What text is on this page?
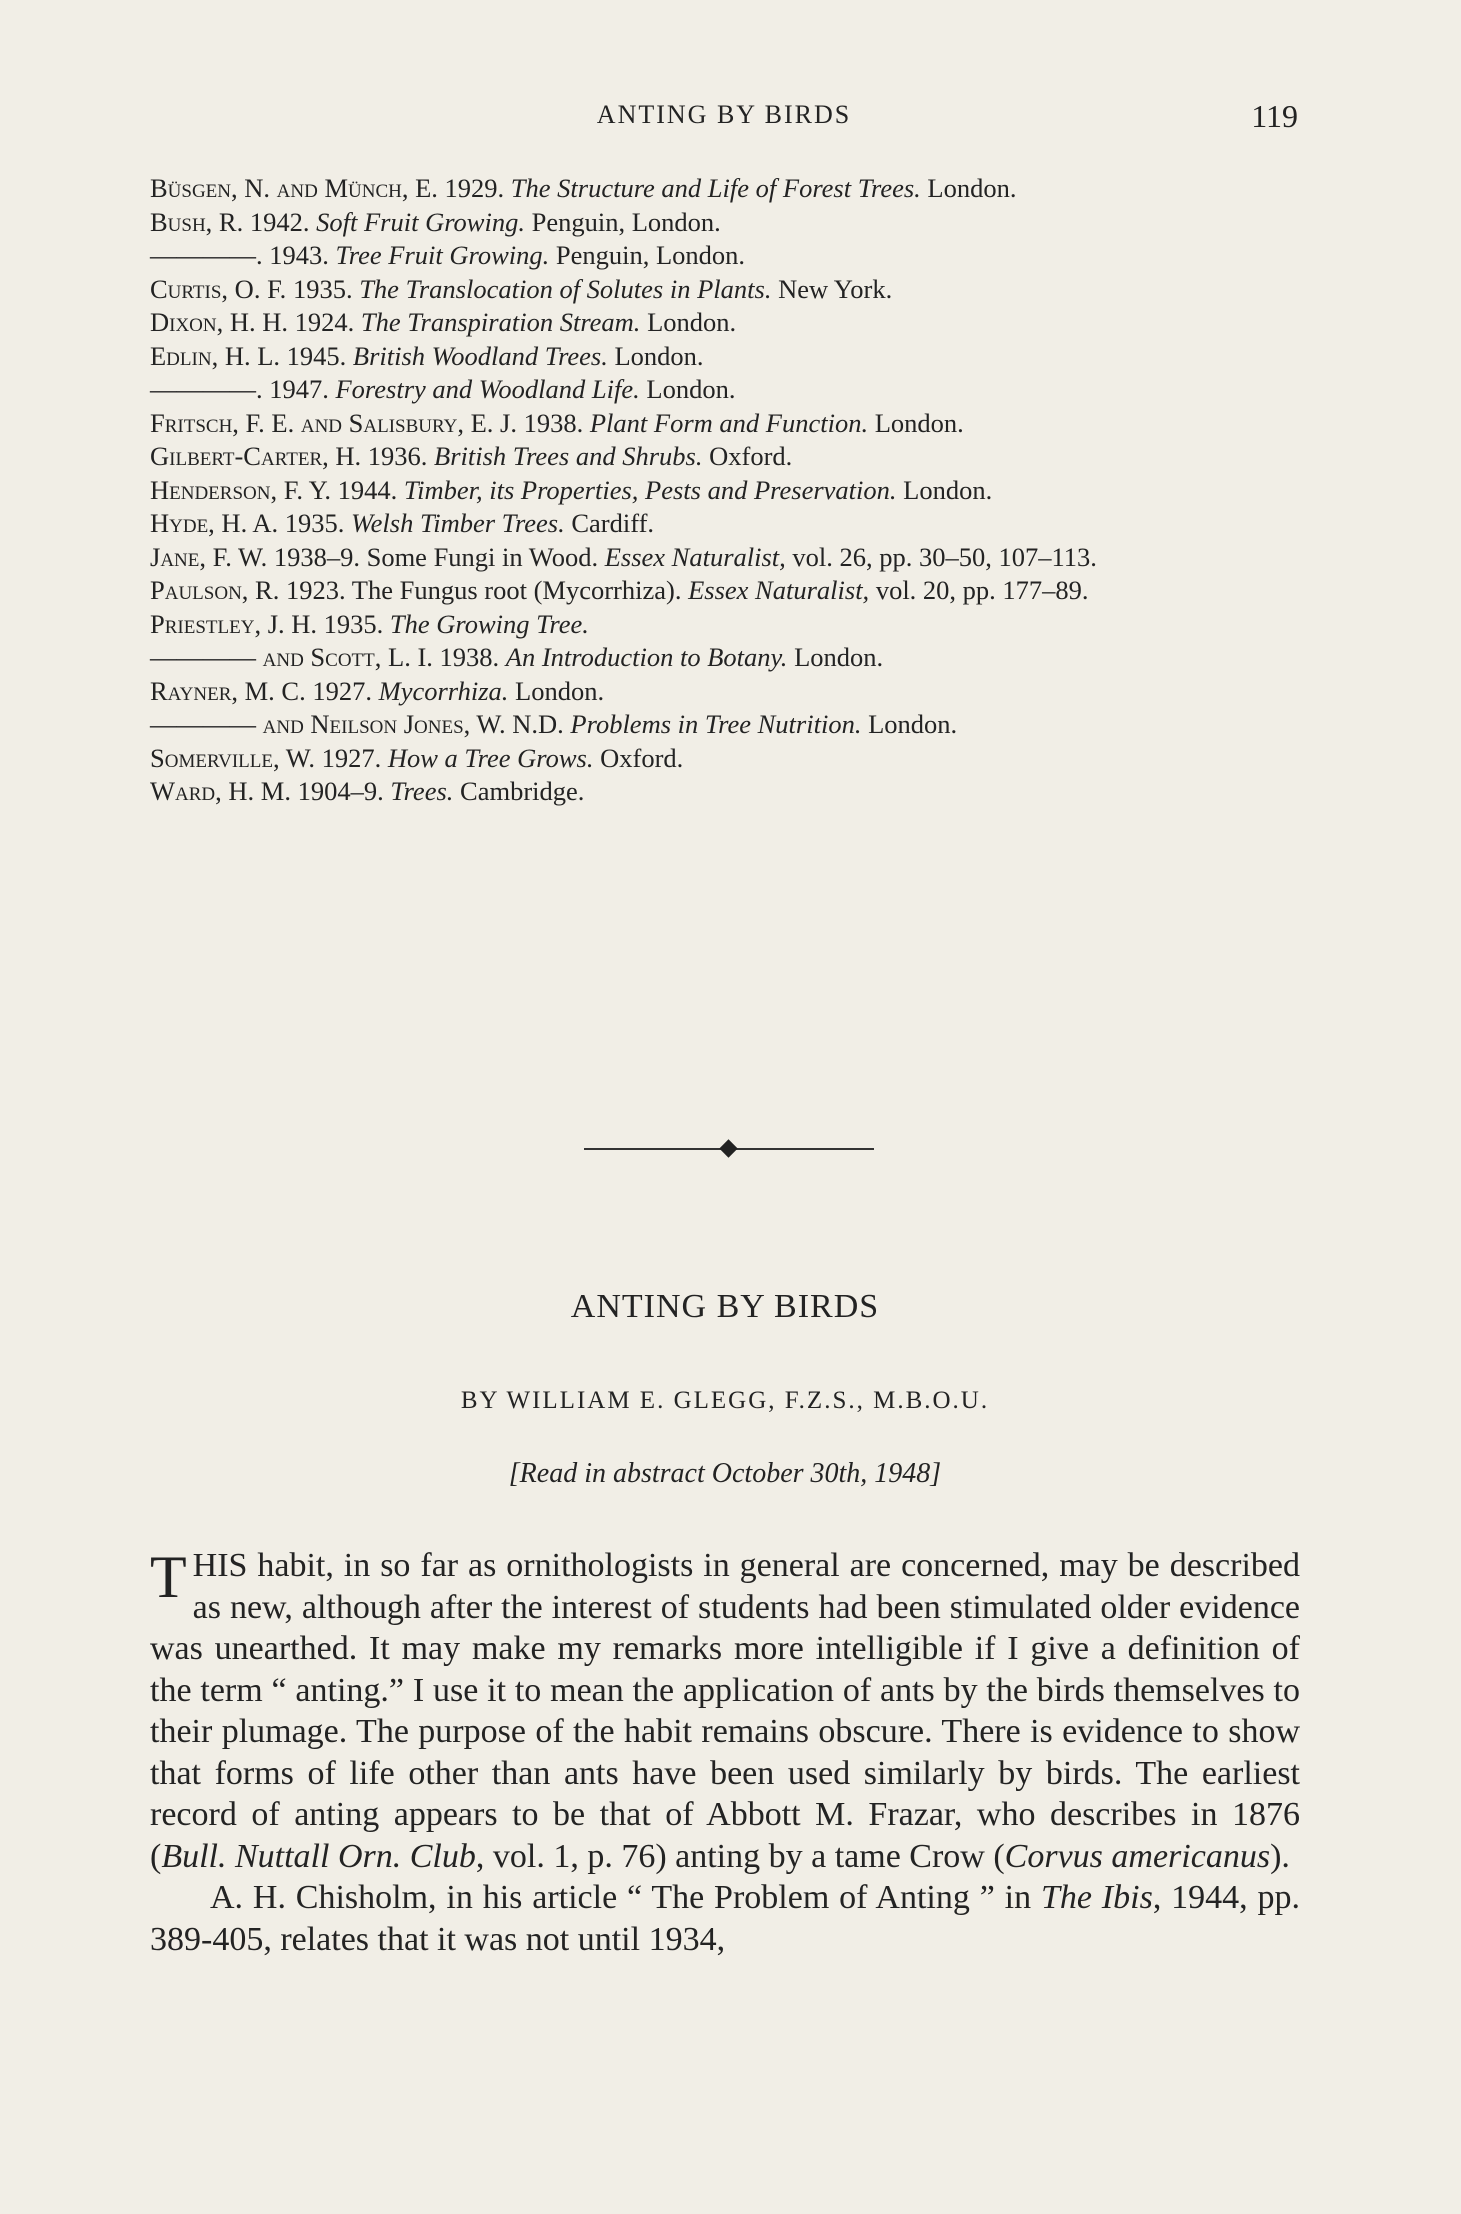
ANTING BY BIRDS	119
Büsgen, N. and Münch, E. 1929. The Structure and Life of Forest Trees. London.
Bush, R. 1942. Soft Fruit Growing. Penguin, London.
————. 1943. Tree Fruit Growing. Penguin, London.
Curtis, O. F. 1935. The Translocation of Solutes in Plants. New York.
Dixon, H. H. 1924. The Transpiration Stream. London.
Edlin, H. L. 1945. British Woodland Trees. London.
————. 1947. Forestry and Woodland Life. London.
Fritsch, F. E. and Salisbury, E. J. 1938. Plant Form and Function. London.
Gilbert-Carter, H. 1936. British Trees and Shrubs. Oxford.
Henderson, F. Y. 1944. Timber, its Properties, Pests and Preservation. London.
Hyde, H. A. 1935. Welsh Timber Trees. Cardiff.
Jane, F. W. 1938–9. Some Fungi in Wood. Essex Naturalist, vol. 26, pp. 30–50, 107–113.
Paulson, R. 1923. The Fungus root (Mycorrhiza). Essex Naturalist, vol. 20, pp. 177–89.
Priestley, J. H. 1935. The Growing Tree.
———— and Scott, L. I. 1938. An Introduction to Botany. London.
Rayner, M. C. 1927. Mycorrhiza. London.
———— and Neilson Jones, W. N.D. Problems in Tree Nutrition. London.
Somerville, W. 1927. How a Tree Grows. Oxford.
Ward, H. M. 1904–9. Trees. Cambridge.
ANTING BY BIRDS
BY WILLIAM E. GLEGG, F.Z.S., M.B.O.U.
[Read in abstract October 30th, 1948]

THIS habit, in so far as ornithologists in general are concerned, may be described as new, although after the interest of students had been stimulated older evidence was unearthed. It may make my remarks more intelligible if I give a definition of the term “ anting.” I use it to mean the application of ants by the birds themselves to their plumage. The purpose of the habit remains obscure. There is evidence to show that forms of life other than ants have been used similarly by birds. The earliest record of anting appears to be that of Abbott M. Frazar, who describes in 1876 (Bull. Nuttall Orn. Club, vol. 1, p. 76) anting by a tame Crow (Corvus americanus).

A. H. Chisholm, in his article “ The Problem of Anting ” in The Ibis, 1944, pp. 389-405, relates that it was not until 1934,
